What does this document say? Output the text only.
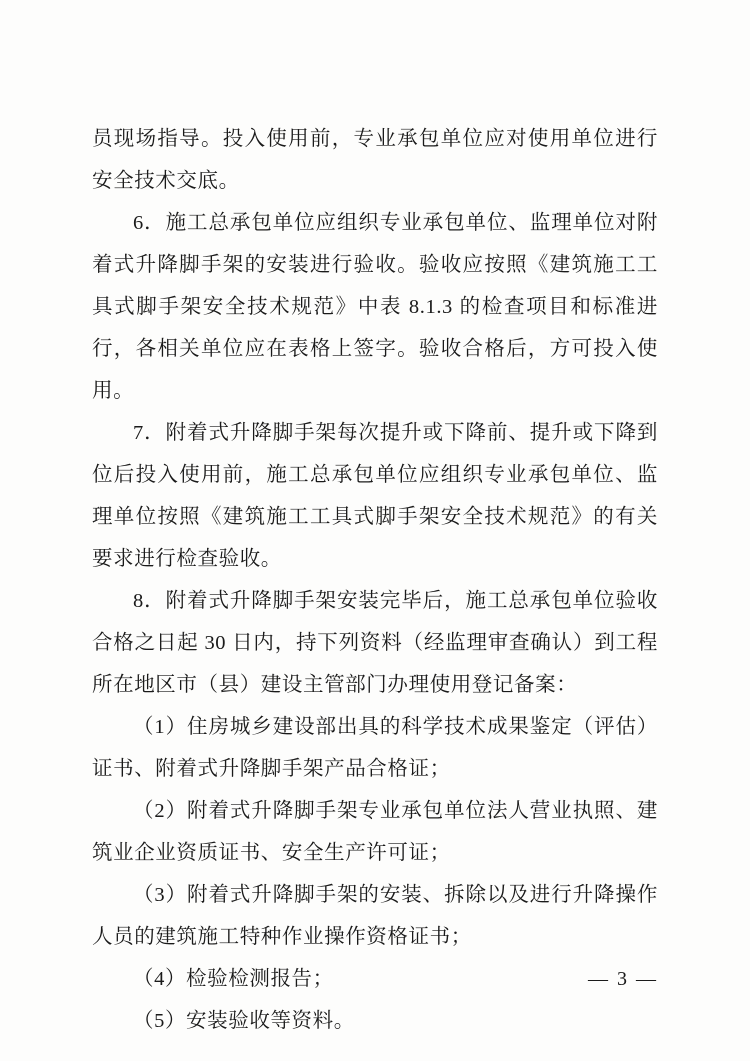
员现场指导。投入使用前，专业承包单位应对使用单位进行安全技术交底。

6．施工总承包单位应组织专业承包单位、监理单位对附着式升降脚手架的安装进行验收。验收应按照《建筑施工工具式脚手架安全技术规范》中表 8.1.3 的检查项目和标准进行，各相关单位应在表格上签字。验收合格后，方可投入使用。

7．附着式升降脚手架每次提升或下降前、提升或下降到位后投入使用前，施工总承包单位应组织专业承包单位、监理单位按照《建筑施工工具式脚手架安全技术规范》的有关要求进行检查验收。

8．附着式升降脚手架安装完毕后，施工总承包单位验收合格之日起 30 日内，持下列资料（经监理审查确认）到工程所在地区市（县）建设主管部门办理使用登记备案：

（1）住房城乡建设部出具的科学技术成果鉴定（评估）证书、附着式升降脚手架产品合格证；

（2）附着式升降脚手架专业承包单位法人营业执照、建筑业企业资质证书、安全生产许可证；

（3）附着式升降脚手架的安装、拆除以及进行升降操作人员的建筑施工特种作业操作资格证书；

（4）检验检测报告；

（5）安装验收等资料。

— 3 —
